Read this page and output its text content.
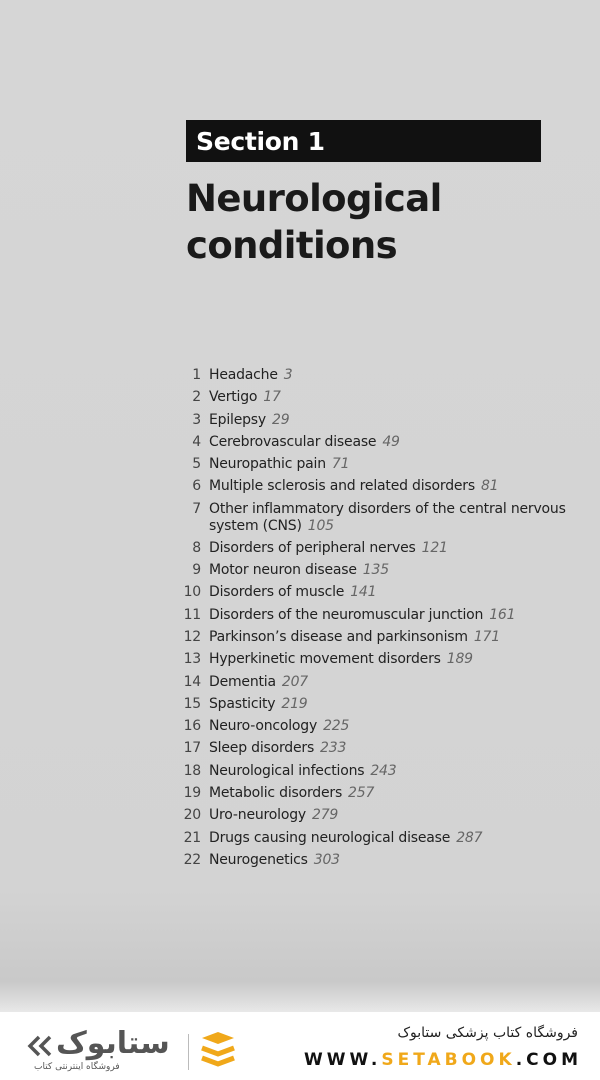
Section 1
Neurological
conditions
1 Headache 3
2 Vertigo 17
3 Epilepsy 29
4 Cerebrovascular disease 49
5 Neuropathic pain 71
6 Multiple sclerosis and related disorders 81
7 Other inflammatory disorders of the central nervous system (CNS) 105
8 Disorders of peripheral nerves 121
9 Motor neuron disease 135
10 Disorders of muscle 141
11 Disorders of the neuromuscular junction 161
12 Parkinson’s disease and parkinsonism 171
13 Hyperkinetic movement disorders 189
14 Dementia 207
15 Spasticity 219
16 Neuro-oncology 225
17 Sleep disorders 233
18 Neurological infections 243
19 Metabolic disorders 257
20 Uro-neurology 279
21 Drugs causing neurological disease 287
22 Neurogenetics 303
ستابوک
فروشگاه اینترنتی کتاب
فروشگاه کتاب پزشکی ستابوک
WWW.SETABOOK.COM
